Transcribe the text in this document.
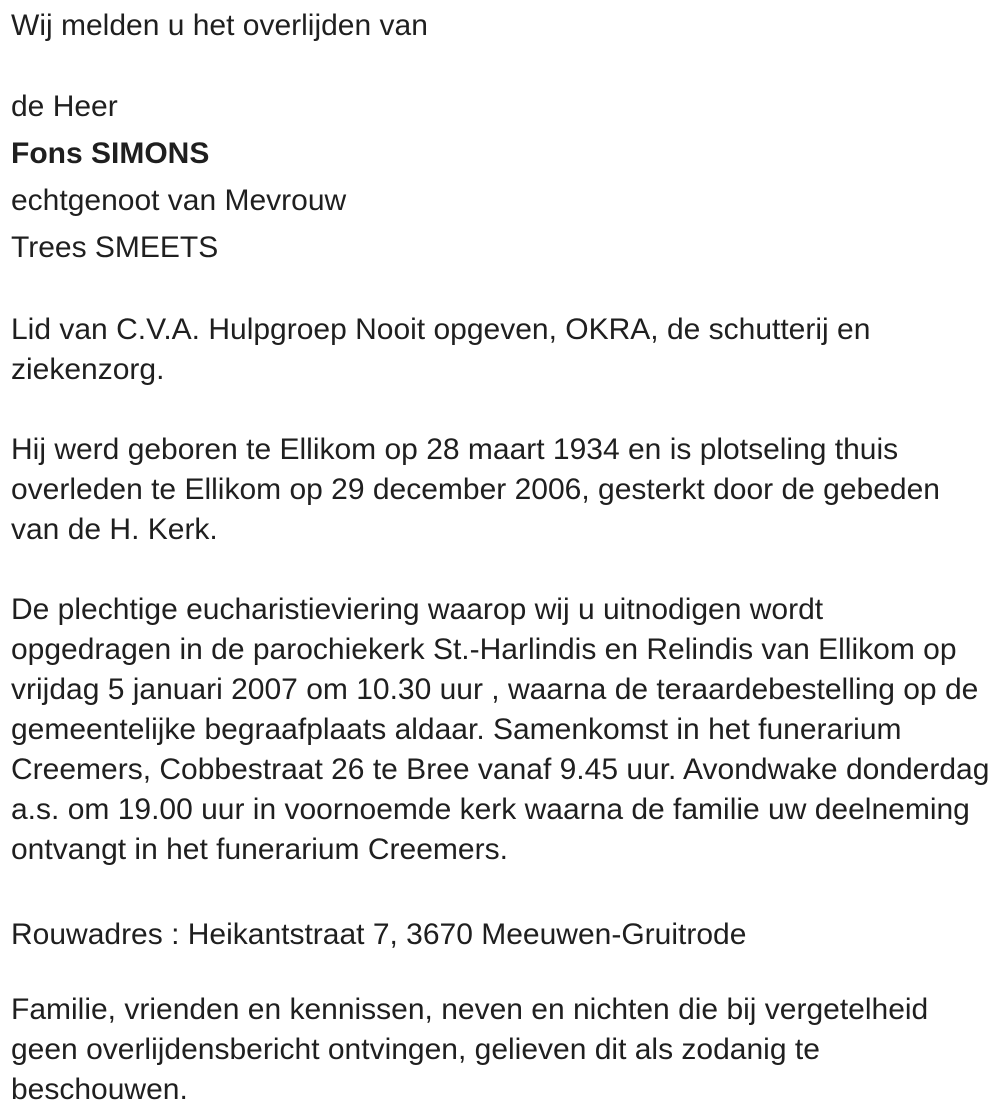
Wij melden u het overlijden van
de Heer
Fons SIMONS
echtgenoot van Mevrouw
Trees SMEETS
Lid van C.V.A. Hulpgroep Nooit opgeven, OKRA, de schutterij en
ziekenzorg.
Hij werd geboren te Ellikom op 28 maart 1934 en is plotseling thuis
overleden te Ellikom op 29 december 2006, gesterkt door de gebeden
van de H. Kerk.
De plechtige eucharistieviering waarop wij u uitnodigen wordt
opgedragen in de parochiekerk St.-Harlindis en Relindis van Ellikom op
vrijdag 5 januari 2007 om 10.30 uur , waarna de teraardebestelling op de
gemeentelijke begraafplaats aldaar. Samenkomst in het funerarium
Creemers, Cobbestraat 26 te Bree vanaf 9.45 uur. Avondwake donderdag
a.s. om 19.00 uur in voornoemde kerk waarna de familie uw deelneming
ontvangt in het funerarium Creemers.
Rouwadres : Heikantstraat 7, 3670 Meeuwen-Gruitrode
Familie, vrienden en kennissen, neven en nichten die bij vergetelheid
geen overlijdensbericht ontvingen, gelieven dit als zodanig te
beschouwen.
